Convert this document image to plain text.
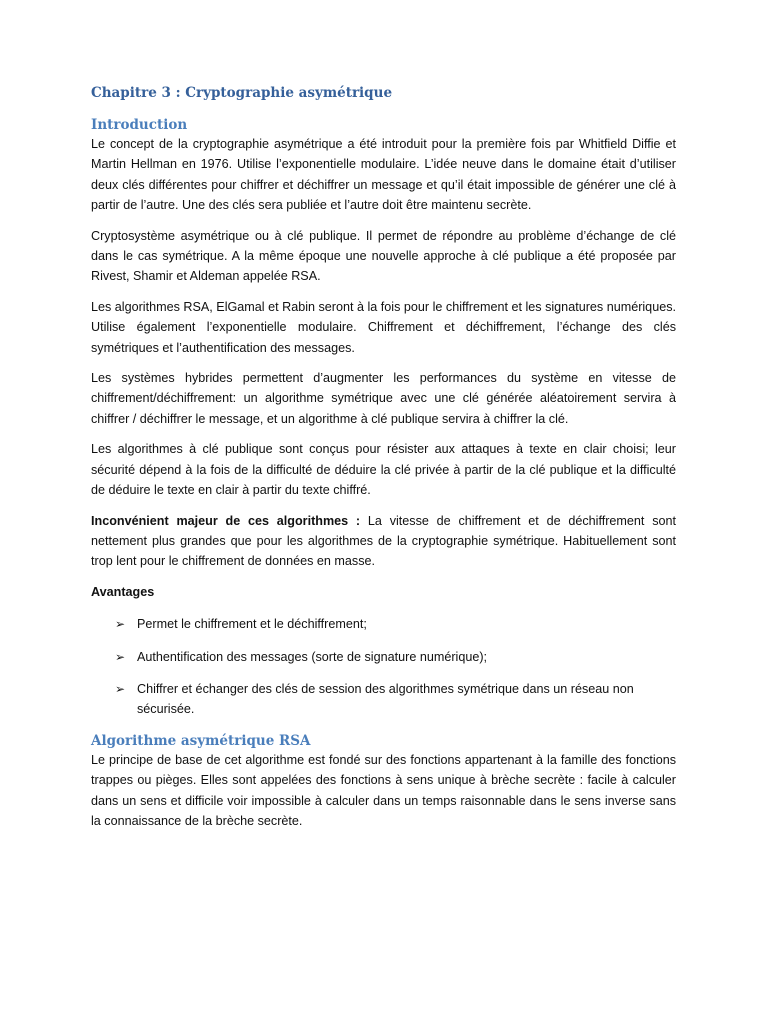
Chapitre 3 : Cryptographie asymétrique
Introduction

Le concept de la cryptographie asymétrique a été introduit pour la première fois par Whitfield Diffie et Martin Hellman en 1976. Utilise l’exponentielle modulaire. L’idée neuve dans le domaine était d’utiliser deux clés différentes pour chiffrer et déchiffrer un message et qu’il était impossible de générer une clé à partir de l’autre. Une des clés sera publiée et l’autre doit être maintenu secrète.

Cryptosystème asymétrique ou à clé publique. Il permet de répondre au problème d’échange de clé dans le cas symétrique. A la même époque une nouvelle approche à clé publique a été proposée par Rivest, Shamir et Aldeman appelée RSA.

Les algorithmes RSA, ElGamal et Rabin seront à la fois pour le chiffrement et les signatures numériques. Utilise également l’exponentielle modulaire. Chiffrement et déchiffrement, l’échange des clés symétriques et l’authentification des messages.

Les systèmes hybrides permettent d’augmenter les performances du système en vitesse de chiffrement/déchiffrement: un algorithme symétrique avec une clé générée aléatoirement servira à chiffrer / déchiffrer le message, et un algorithme à clé publique servira à chiffrer la clé.

Les algorithmes à clé publique sont conçus pour résister aux attaques à texte en clair choisi; leur sécurité dépend à la fois de la difficulté de déduire la clé privée à partir de la clé publique et la difficulté de déduire le texte en clair à partir du texte chiffré.

Inconvénient majeur de ces algorithmes : La vitesse de chiffrement et de déchiffrement sont nettement plus grandes que pour les algorithmes de la cryptographie symétrique. Habituellement sont trop lent pour le chiffrement de données en masse.

Avantages

➢ Permet le chiffrement et le déchiffrement;
➢ Authentification des messages (sorte de signature numérique);
➢ Chiffrer et échanger des clés de session des algorithmes symétrique dans un réseau non sécurisée.
Algorithme asymétrique RSA

Le principe de base de cet algorithme est fondé sur des fonctions appartenant à la famille des fonctions trappes ou pièges. Elles sont appelées des fonctions à sens unique à brèche secrète : facile à calculer dans un sens et difficile voir impossible à calculer dans un temps raisonnable dans le sens inverse sans la connaissance de la brèche secrète.
